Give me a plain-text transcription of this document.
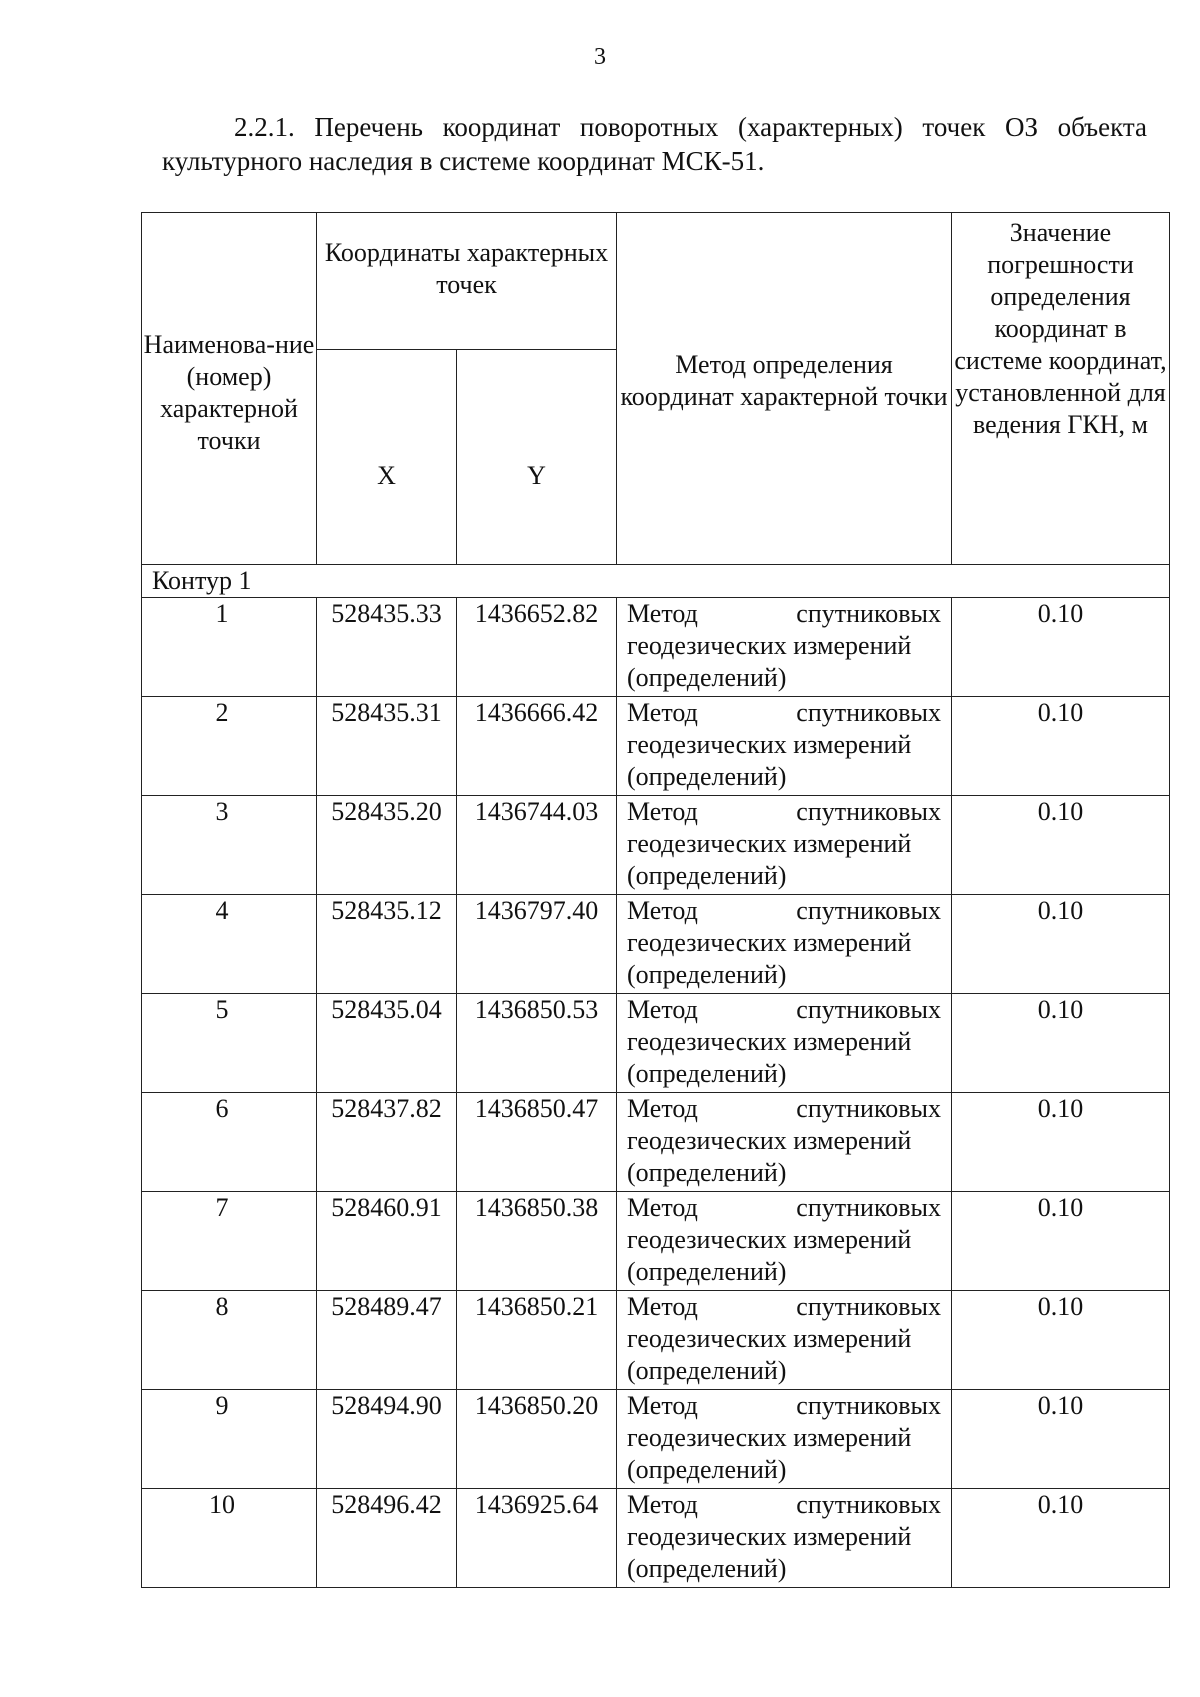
3
2.2.1. Перечень координат поворотных (характерных) точек ОЗ объекта
культурного наследия в системе координат МСК-51.
Наименова-ние (номер) характерной точки	Координаты характерных точек		Метод определения координат характерной точки	Значение погрешности определения координат в системе координат, установленной для ведения ГКН, м
	X	Y		
Контур 1				
1	528435.33	1436652.82	Метод спутниковых
геодезических измерений
(определений)	0.10
2	528435.31	1436666.42	Метод спутниковых
геодезических измерений
(определений)	0.10
3	528435.20	1436744.03	Метод спутниковых
геодезических измерений
(определений)	0.10
4	528435.12	1436797.40	Метод спутниковых
геодезических измерений
(определений)	0.10
5	528435.04	1436850.53	Метод спутниковых
геодезических измерений
(определений)	0.10
6	528437.82	1436850.47	Метод спутниковых
геодезических измерений
(определений)	0.10
7	528460.91	1436850.38	Метод спутниковых
геодезических измерений
(определений)	0.10
8	528489.47	1436850.21	Метод спутниковых
геодезических измерений
(определений)	0.10
9	528494.90	1436850.20	Метод спутниковых
геодезических измерений
(определений)	0.10
10	528496.42	1436925.64	Метод спутниковых
геодезических измерений
(определений)	0.10
